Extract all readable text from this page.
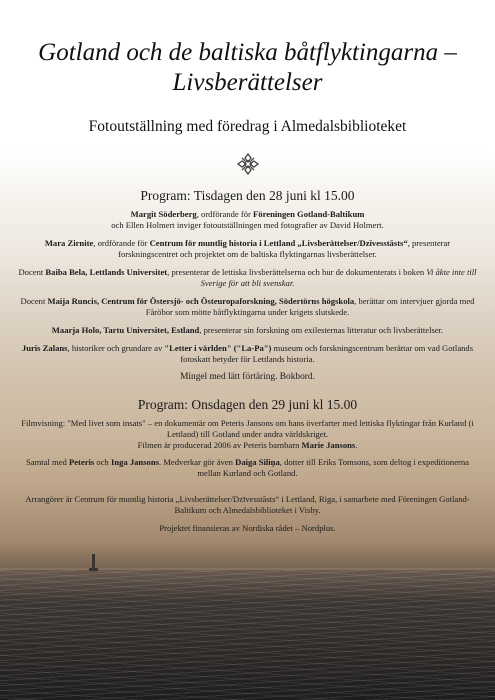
Gotland och de baltiska båtflyktingarna – Livsberättelser
Fotoutställning med föredrag i Almedalsbiblioteket
Program: Tisdagen den 28 juni kl 15.00
Margit Söderberg, ordförande för Föreningen Gotland-Baltikum
och Ellen Holmert inviger fotoutställningen med fotografier av David Holmert.
Mara Zirnite, ordförande för Centrum för muntlig historia i Lettland „Livsberättelser/Dzīvesstāsts“, presenterar forskningscentret och projektet om de baltiska flyktingarnas livsberättelser.
Docent Baiba Bela, Lettlands Universitet, presenterar de lettiska livsberättelserna och hur de dokumenterats i boken Vi åkte inte till Sverige för att bli svenskar.
Docent Maija Runcis, Centrum för Östersjö- och Östeuropaforskning, Södertörns högskola, berättar om intervjuer gjorda med Fåröbor som mötte båtflyktingarna under krigets slutskede.
Maarja Holo, Tartu Universitet, Estland, presenterar sin forskning om exilesternas litteratur och livsberättelser.
Juris Zalans, historiker och grundare av "Letter i världen" ("La-Pa") museum och forskningscentrum berättar om vad Gotlands fotoskatt betyder för Lettlands historia.
Mingel med lätt förtäring. Bokbord.
Program: Onsdagen den 29 juni kl 15.00
Filmvisning: "Med livet som insats" – en dokumentär om Peteris Jansons om hans överfarter med lettiska flyktingar från Kurland (i Lettland) till Gotland under andra världskriget.
Filmen är producerad 2006 av Peteris barnbarn Marie Jansons.
Samtal med Peteris och Inga Jansons. Medverkar gör även Daiga Siliņa, dotter till Eriks Tomsons, som deltog i expeditionerna mellan Kurland och Gotland.
Arrangörer är Centrum för muntlig historia „Livsberättelser/Dzīvesstāsts“ i Lettland, Riga, i samarbete med Föreningen Gotland-Baltikum och Almedalsbiblioteket i Visby.
Projektet finansieras av Nordiska rådet – Nordplus.
